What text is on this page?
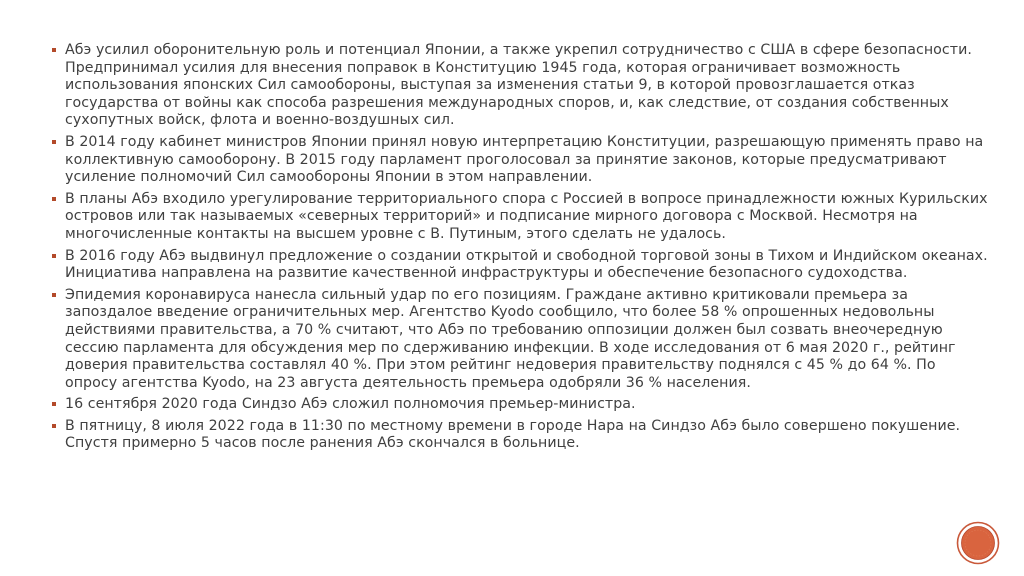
Абэ усилил оборонительную роль и потенциал Японии, а также укрепил сотрудничество с США в сфере безопасности. Предпринимал усилия для внесения поправок в Конституцию 1945 года, которая ограничивает возможность использования японских Сил самообороны, выступая за изменения статьи 9, в которой провозглашается отказ государства от войны как способа разрешения международных споров, и, как следствие, от создания собственных сухопутных войск, флота и военно-воздушных сил.
В 2014 году кабинет министров Японии принял новую интерпретацию Конституции, разрешающую применять право на коллективную самооборону. В 2015 году парламент проголосовал за принятие законов, которые предусматривают усиление полномочий Сил самообороны Японии в этом направлении.
В планы Абэ входило урегулирование территориального спора с Россией в вопросе принадлежности южных Курильских островов или так называемых «северных территорий» и подписание мирного договора с Москвой. Несмотря на многочисленные контакты на высшем уровне с В. Путиным, этого сделать не удалось.
В 2016 году Абэ выдвинул предложение о создании открытой и свободной торговой зоны в Тихом и Индийском океанах. Инициатива направлена на развитие качественной инфраструктуры и обеспечение безопасного судоходства.
Эпидемия коронавируса нанесла сильный удар по его позициям. Граждане активно критиковали премьера за запоздалое введение ограничительных мер. Агентство Kyodo сообщило, что более 58 % опрошенных недовольны действиями правительства, а 70 % считают, что Абэ по требованию оппозиции должен был созвать внеочередную сессию парламента для обсуждения мер по сдерживанию инфекции. В ходе исследования от 6 мая 2020 г., рейтинг доверия правительства составлял 40 %. При этом рейтинг недоверия правительству поднялся с 45 % до 64 %. По опросу агентства Kyodo, на 23 августа деятельность премьера одобряли 36 % населения.
16 сентября 2020 года Синдзо Абэ сложил полномочия премьер-министра.
В пятницу, 8 июля 2022 года в 11:30 по местному времени в городе Нара на Синдзо Абэ было совершено покушение. Спустя примерно 5 часов после ранения Абэ скончался в больнице.
